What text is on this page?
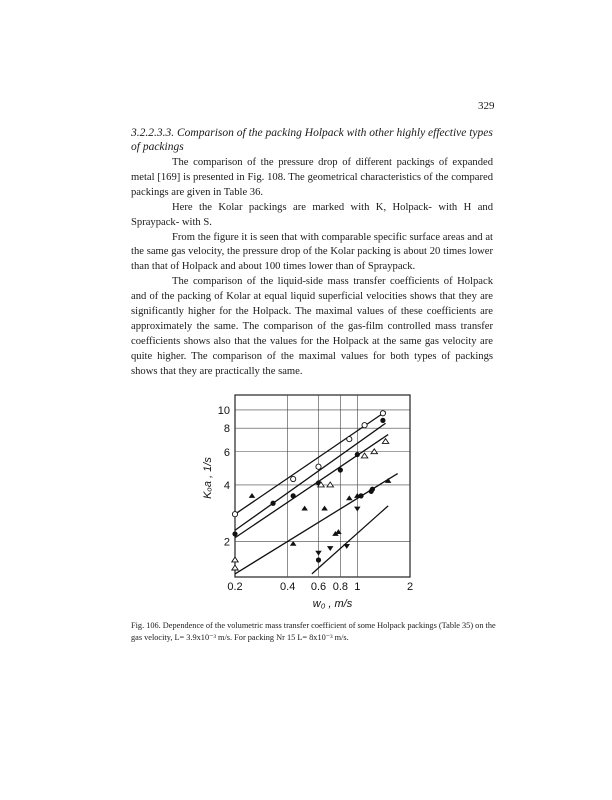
329
3.2.2.3.3. Comparison of the packing Holpack with other highly effective types of packings

The comparison of the pressure drop of different packings of expanded metal [169] is presented in Fig. 108. The geometrical characteristics of the compared packings are given in Table 36.

Here the Kolar packings are marked with K, Holpack- with H and Spraypack- with S.

From the figure it is seen that with comparable specific surface areas and at the same gas velocity, the pressure drop of the Kolar packing is about 20 times lower than that of Holpack and about 100 times lower than of Spraypack.

The comparison of the liquid-side mass transfer coefficients of Holpack and of the packing of Kolar at equal liquid superficial velocities shows that they are significantly higher for the Holpack. The maximal values of these coefficients are approximately the same. The comparison of the gas-film controlled mass transfer coefficients shows also that the values for the Holpack at the same gas velocity are quite higher. The comparison of the maximal values for both types of packings shows that they are practically the same.

0.2	0.4 0.6 0.8 1	2
2
4
6
8
10
w₀ , m/s
Kₒa , 1/s
Fig. 106. Dependence of the volumetric mass transfer coefficient of some Holpack packings (Table 35) on the gas velocity, L= 3.9x10⁻³ m/s. For packing Nr 15 L= 8x10⁻³ m/s.
